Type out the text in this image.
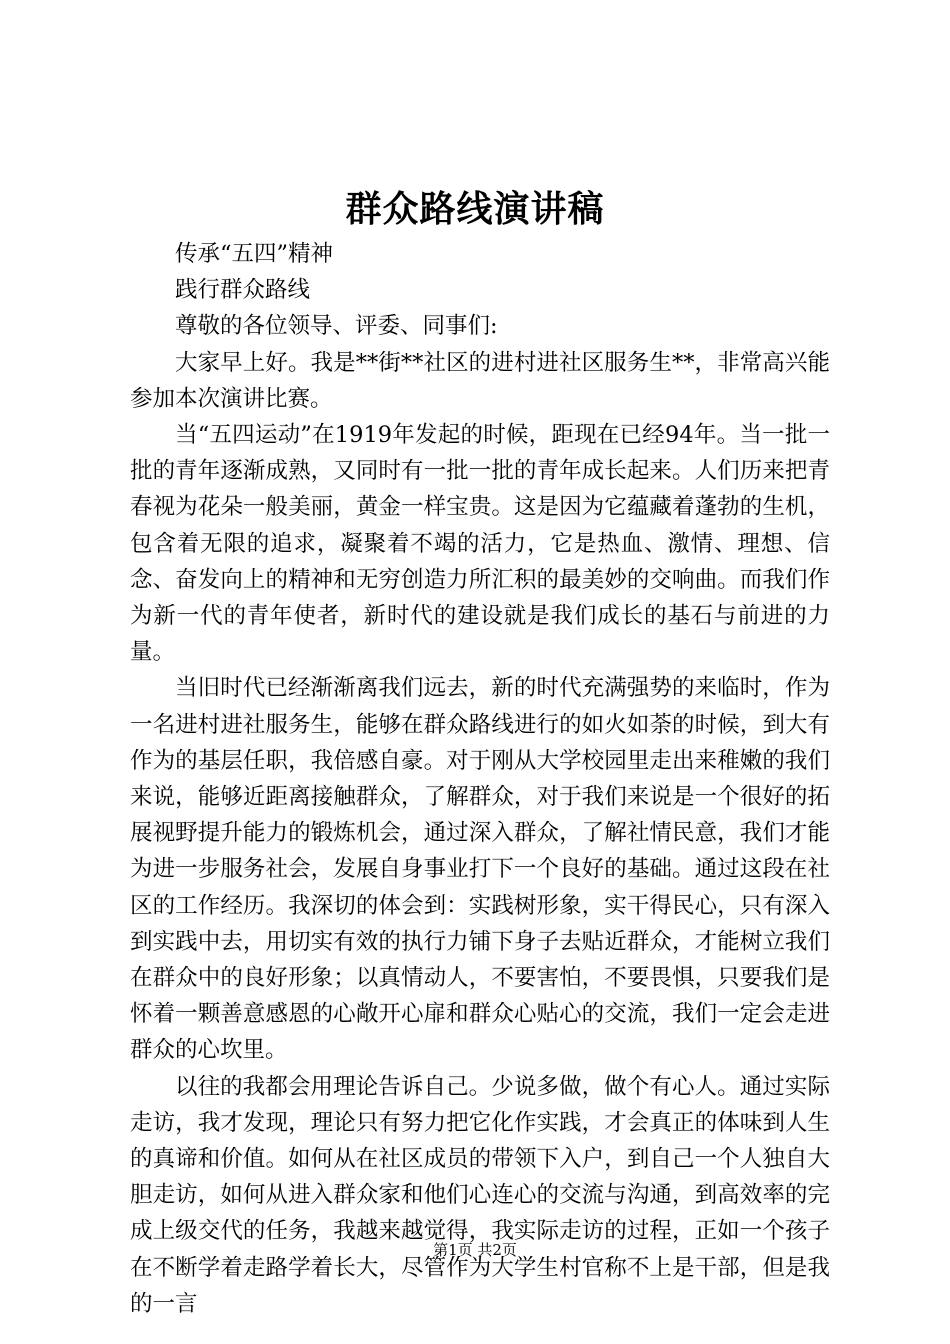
群众路线演讲稿

传承“五四”精神

践行群众路线

尊敬的各位领导、评委、同事们:

大家早上好。我是**街**社区的进村进社区服务生**，非常高兴能参加本次演讲比赛。

当“五四运动”在1919年发起的时候，距现在已经94年。当一批一批的青年逐渐成熟，又同时有一批一批的青年成长起来。人们历来把青春视为花朵一般美丽，黄金一样宝贵。这是因为它蕴藏着蓬勃的生机，包含着无限的追求，凝聚着不竭的活力，它是热血、激情、理想、信念、奋发向上的精神和无穷创造力所汇积的最美妙的交响曲。而我们作为新一代的青年使者，新时代的建设就是我们成长的基石与前进的力量。

当旧时代已经渐渐离我们远去，新的时代充满强势的来临时，作为一名进村进社服务生，能够在群众路线进行的如火如荼的时候，到大有作为的基层任职，我倍感自豪。对于刚从大学校园里走出来稚嫩的我们来说，能够近距离接触群众，了解群众，对于我们来说是一个很好的拓展视野提升能力的锻炼机会，通过深入群众，了解社情民意，我们才能为进一步服务社会，发展自身事业打下一个良好的基础。通过这段在社区的工作经历。我深切的体会到：实践树形象，实干得民心，只有深入到实践中去，用切实有效的执行力铺下身子去贴近群众，才能树立我们在群众中的良好形象；以真情动人，不要害怕，不要畏惧，只要我们是怀着一颗善意感恩的心敞开心扉和群众心贴心的交流，我们一定会走进群众的心坎里。

以往的我都会用理论告诉自己。少说多做，做个有心人。通过实际走访，我才发现，理论只有努力把它化作实践，才会真正的体味到人生的真谛和价值。如何从在社区成员的带领下入户，到自己一个人独自大胆走访，如何从进入群众家和他们心连心的交流与沟通，到高效率的完成上级交代的任务，我越来越觉得，我实际走访的过程，正如一个孩子在不断学着走路学着长大，尽管作为大学生村官称不上是干部，但是我的一言

第1页 共2页
